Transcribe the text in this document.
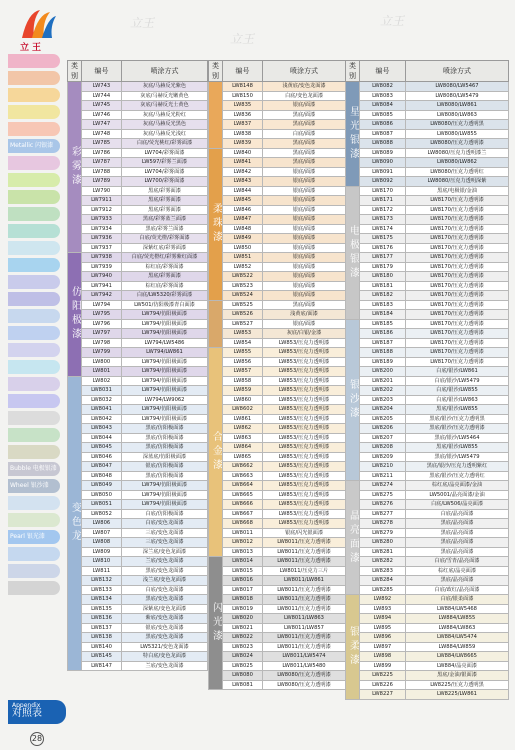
立王
立王
立王
立王
Metallic 闪银漆
Bubble 电极银漆
Wheel 银沙漆
Pearl 银光漆
类别	编号	喷涂方式
彩雾漆	LW743	灰底/马赫反光紫色
	LW744	灰底/马赫反光嫩黄色
	LW745	灰底/马赫反光土黄色
	LW746	灰底/马赫反光粉红
	LW747	灰底/马赫反光黑色
	LW748	灰底/马赫反光浅红
	LW785	白底/荧光桃红/彩雾面漆
	LW786	LW704/彩雾面漆
	LW787	LW597/彩雾兰面漆
	LW788	LW704/彩雾面漆
	LW789	LW700/彩雾面漆
	LW790	黑底/彩雾面漆
	LW7911	黑底/彩雾面漆
	LW7912	黑底/彩雾面漆
	LW7933	黑底/彩雾蓝兰面漆
	LW7934	黑底/彩雾兰面漆
	LW7936	白底/荧光橙/彩雾面漆
	LW7937	深紫红底/彩雾面漆
仿阳极漆	LW7938	白底/荧光橙红/彩雾紫红面漆
	LW7939	棕红底/彩雾面漆
	LW7940	黑底/彩雾面漆
	LW7941	棕红底/彩雾面漆
	LW7942	白底/LW5320/彩雾面漆
	LW794	LW501/仿阳极漆青白面漆
	LW795	LW794/仿阳极面漆
	LW796	LW794/仿阳极面漆
	LW797	LW794/仿阳极面漆
	LW798	LW794/LW5486
	LW799	LW794/LW861
	LW800	LW794/仿阳极面漆
	LW801	LW794/仿阳极面漆
变色龙	LW802	LW794/仿阳极面漆
	LW8031	LW794/仿阳极面漆
	LW8032	LW794/LW9062
	LW8041	LW794/仿阳极面漆
	LW8042	LW794/仿阳极面漆
	LW8043	黑底/仿阳极面漆
	LW8044	黑底/仿阳极面漆
	LW8045	黑底/仿阳极面漆
	LW8046	深蓝底/仿阳极面漆
	LW8047	银底/仿阳极面漆
	LW8048	黑底/仿阳极面漆
	LW8049	LW794/仿阳极面漆
	LW8050	LW794/仿阳极面漆
	LW8051	LW794/仿阳极面漆
	LW8052	白底/仿阳极面漆
	LW806	白底/变色龙面漆
	LW807	三底/变色龙面漆
	LW808	三底/变色龙面漆
	LW809	深兰底/变色龙面漆
	LW810	兰底/变色龙面漆
	LW811	黑底/变色龙面漆
	LW8132	浅兰底/变色龙面漆
	LW8133	白底/变色龙面漆
	LW8134	黑底/变色龙面漆
	LW8135	深紫底/变色龙面漆
	LW8136	紫底/变色龙面漆
	LW8137	银底/变色龙面漆
	LW8138	黑底/变色龙面漆
	LW8140	LW5321/变色龙面漆
	LW8145	特白底/变色龙面漆
	LW8147	兰底/变色龙面漆
类别	编号	喷涂方式
	LW8148	浅黄底/变色龙面漆
	LW8150	白底/变色龙面漆
	LW835	银底/面漆
	LW836	黑底/面漆
	LW837	黑底/面漆
	LW838	白底/面漆
	LW839	黑底/面漆
柔珠漆	LW840	黑底/面漆
	LW841	黑底/面漆
	LW842	银底/面漆
	LW843	银底/面漆
	LW844	银底/面漆
	LW845	银底/面漆
	LW846	银底/面漆
	LW847	银底/面漆
	LW848	银底/面漆
	LW849	银底/面漆
	LW850	银底/面漆
	LW851	银底/面漆
	LW852	银底/面漆
	LW8522	银底/面漆
	LW8523	银底/面漆
	LW8524	银底/面漆
	LW8525	黑底/面漆
	LW8526	浅黄底/面漆
	LW8527	银底/面漆
	LW853	灰底/白银/金漆
	LW854	LW853/压克力透明漆
合金漆	LW855	LW853/压克力透明漆
	LW856	LW853/压克力透明漆
	LW857	LW853/压克力透明漆
	LW858	LW853/压克力透明漆
	LW859	LW853/压克力透明漆
	LW860	LW853/压克力透明漆
	LW8602	LW853/压克力透明漆
	LW861	LW853/压克力透明漆
	LW862	LW853/压克力透明漆
	LW863	LW853/压克力透明漆
	LW864	LW853/压克力透明漆
	LW865	LW853/压克力透明漆
	LW8662	LW853/压克力透明漆
	LW8663	LW853/压克力透明漆
	LW8664	LW853/压克力透明漆
	LW8665	LW853/压克力透明漆
	LW8666	LW853/压克力透明漆
	LW8667	LW853/压克力透明漆
	LW8668	LW853/压克力透明漆
	LW8011	银底/闪光银面漆
	LW8012	LW8011/压克力透明漆
	LW8013	LW8011/压克力透明漆
闪光漆	LW8014	LW8011/压克力透明漆
	LW8015	LW8011/压克力三片
	LW8016	LW8011/LW861
	LW8017	LW8011/压克力透明漆
	LW8018	LW8011/压克力透明漆
	LW8019	LW8011/压克力透明漆
	LW8020	LW8011/LW863
	LW8021	LW8011/LW857
	LW8022	LW8011/压克力透明漆
	LW8023	LW8011/压克力透明漆
	LW8024	LW8011/LW5474
	LW8025	LW8011/LW5480
	LW8080	LW8080/压克力透明漆
	LW8081	LW8080/压克力透明漆
类别	编号	喷涂方式
星光银漆	LW8082	LW8080/LW5467
	LW8083	LW8080/LW5479
	LW8084	LW8080/LW861
	LW8085	LW8080/LW863
	LW8086	LW8080/压克力透明黑
	LW8087	LW8080/LW855
	LW8088	LW8080/压克力透明漆
	LW8089	LW8080/压克力透明漆兰
	LW8090	LW8080/LW862
	LW8091	LW8080/压克力透明红
	LW8092	LW8080/压克力透明深紫
电极银漆	LW8170	黑底/电极银/金油
	LW8171	LW8170/压克力透明漆
	LW8172	LW8170/压克力透明漆
	LW8173	LW8170/压克力透明漆
	LW8174	LW8170/压克力透明漆
	LW8175	LW8170/压克力透明漆
	LW8176	LW8170/压克力透明漆
	LW8177	LW8170/压克力透明漆
	LW8179	LW8170/压克力透明漆
	LW8180	LW8170/压克力透明漆
	LW8181	LW8170/压克力透明漆
	LW8182	LW8170/压克力透明漆
	LW8183	LW8170/压克力透明漆
	LW8184	LW8170/压克力透明漆
银沙漆	LW8185	LW8170/压克力透明漆
	LW8186	LW8170/压克力透明漆
	LW8187	LW8170/压克力透明漆
	LW8188	LW8170/压克力透明漆
	LW8189	LW8170/压克力透明漆
	LW8200	白底/银沙/LW861
	LW8201	白底/银沙/LW5479
	LW8202	白底/银沙/LW855
	LW8203	白底/银沙/LW863
	LW8204	黑底/银沙/LW855
	LW8205	黑底/银沙/压克力透明黑
	LW8206	黑底/银沙/压克力透明漆
	LW8207	黑底/银沙/LW5464
	LW8208	黑底/银沙/LW855
	LW8209	黑底/银沙/LW5479
	LW8210	黑底/银沙/压克力透明紫红
	LW8211	黑底/银沙/压克力透明红
晶亮面漆	LW8274	棕红底/晶亮面漆/金油
	LW8275	LW5001/晶亮面漆/金油
	LW8276	白底/LW506/晶亮面漆
	LW8277	白底/晶亮面漆
	LW8278	黑底/晶亮面漆
	LW8279	黑底/晶亮面漆
	LW8280	黑底/晶亮面漆
	LW8281	黑底/晶亮面漆
	LW8282	白底/雪青/晶亮面漆
	LW8283	棕红底/晶亮面漆
	LW8284	黑底/晶亮面漆
	LW8285	白底/政红/晶亮面漆
银柔漆	LW892	白底/银柔面漆
	LW893	LW884/LW5468
	LW894	LW884/LW855
	LW895	LW884/LW863
	LW896	LW884/LW5474
	LW897	LW884/LW859
	LW898	LW884/LW8665
	LW899	LW884/晶亮面漆
	LW8225	黑底/金油/银面漆
	LW8226	LW8225/压克力透明黑
	LW8227	LW8225/LW861
Appendix
对照表
28
